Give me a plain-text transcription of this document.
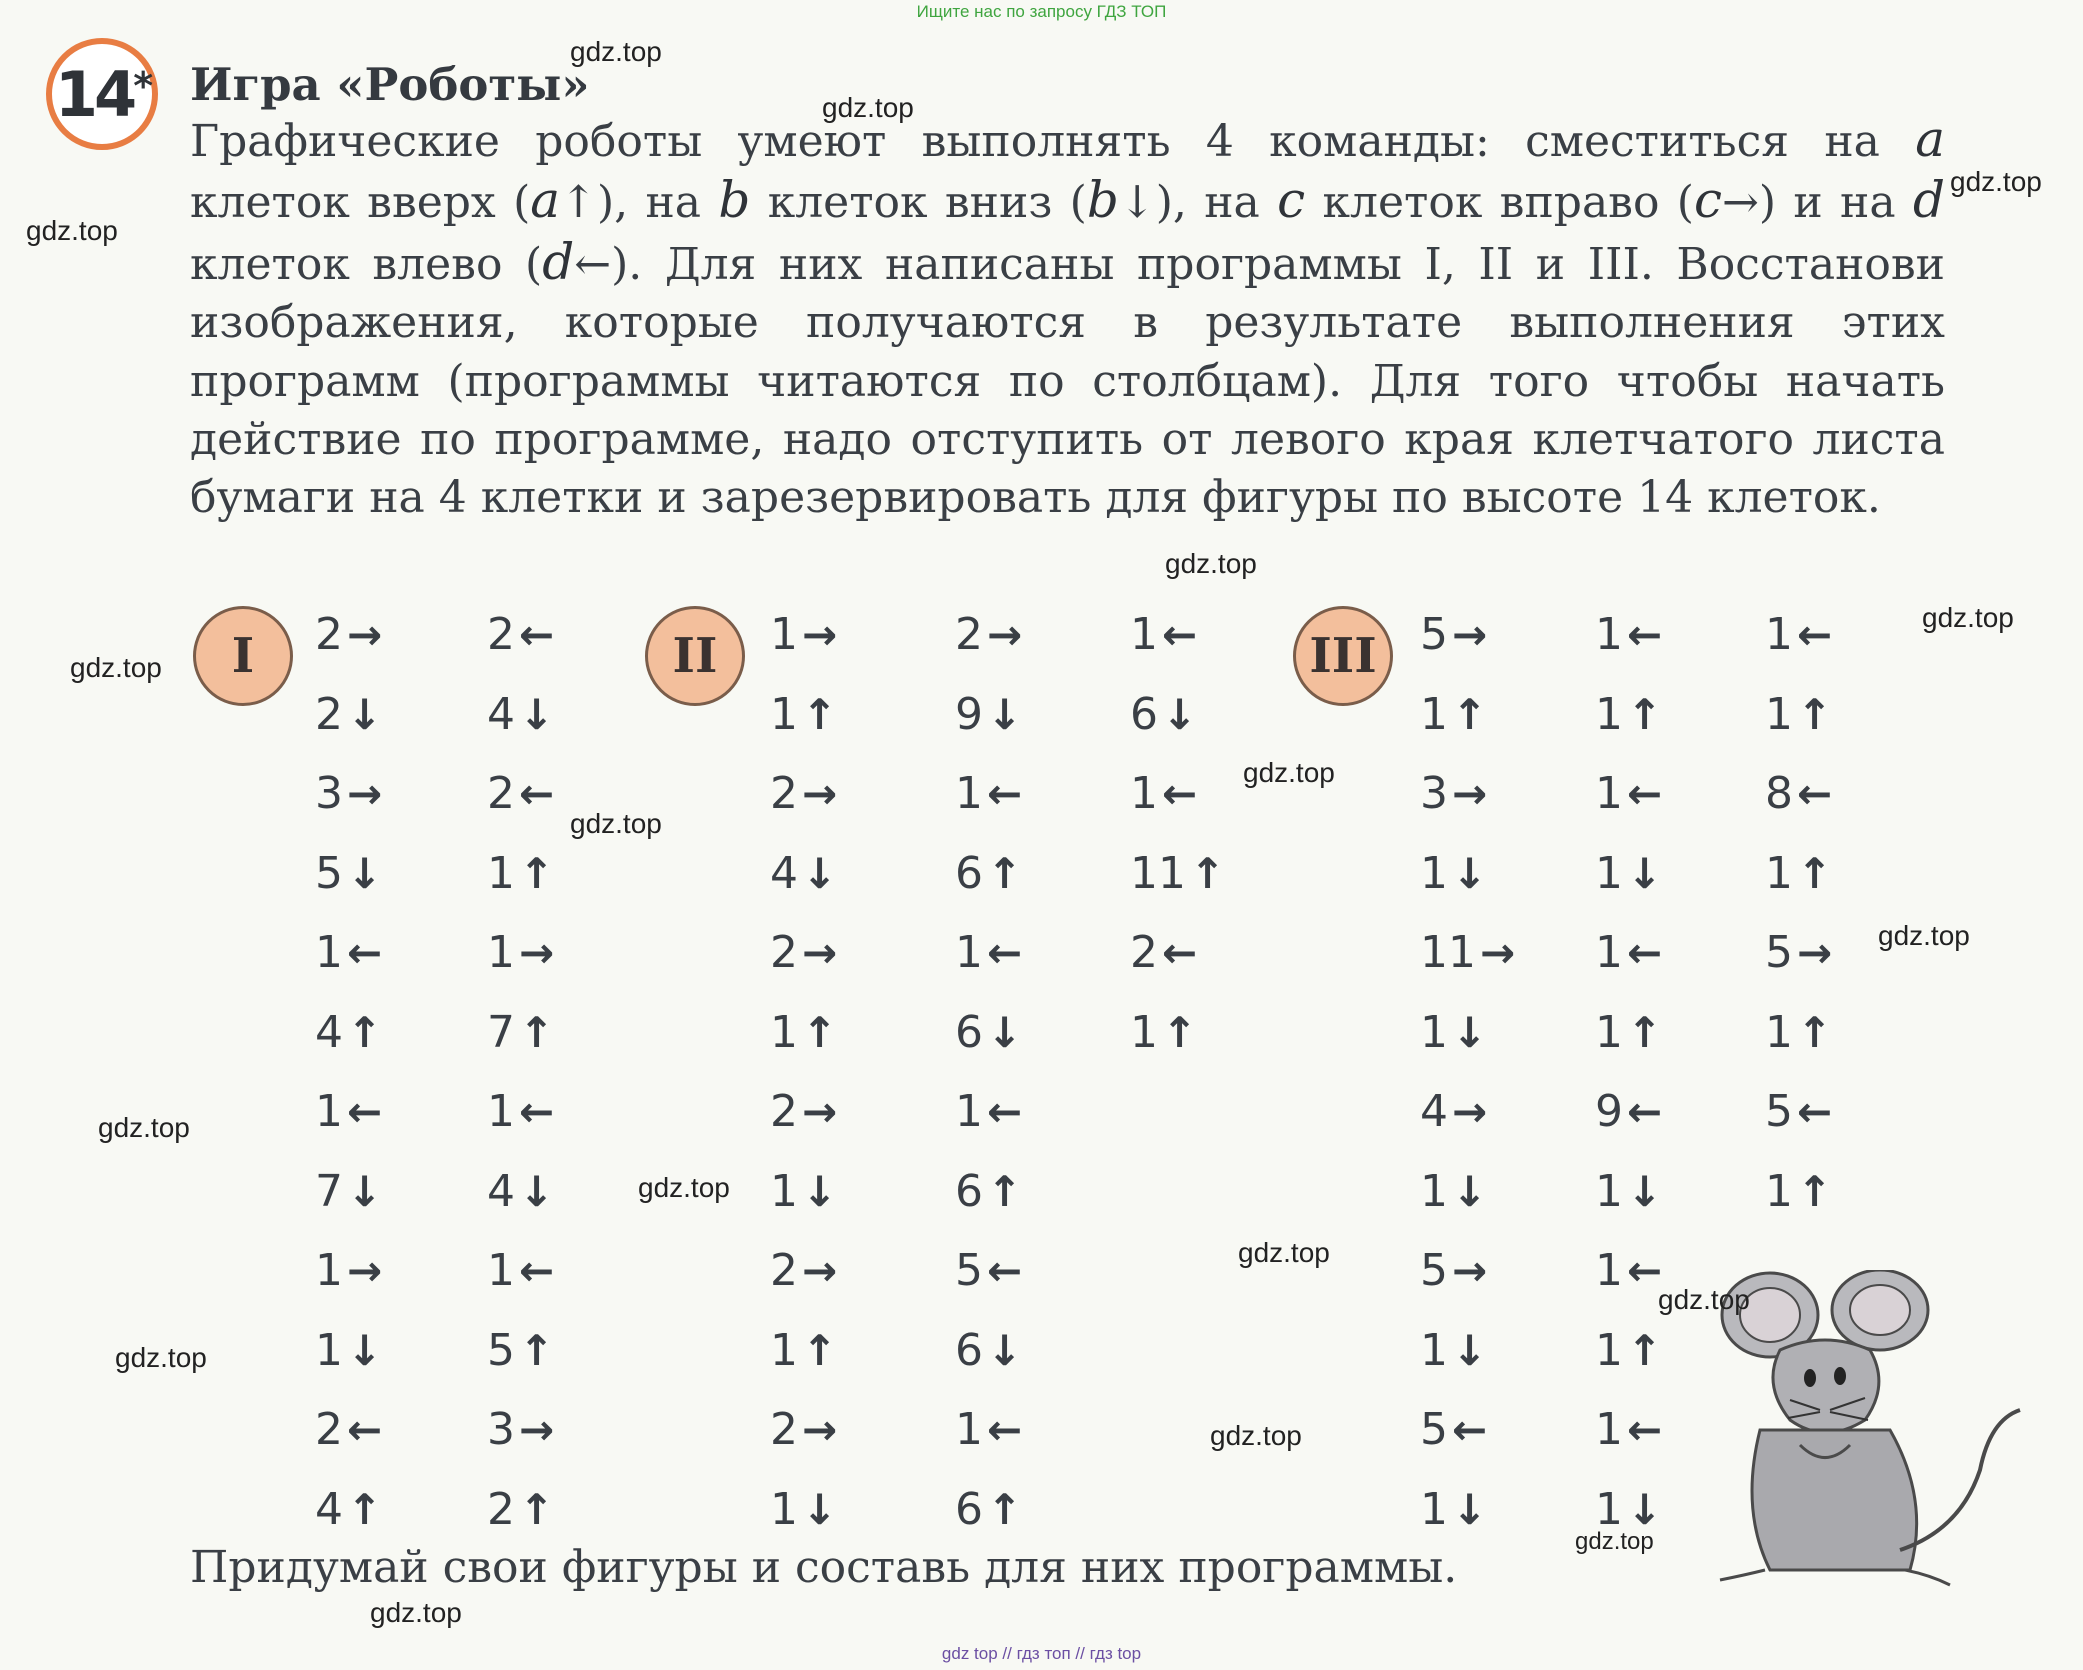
Ищите нас по запросу ГДЗ ТОП
14* Игра «Роботы»
Графические роботы умеют выполнять 4 команды: сместиться на a клеток вверх (a↑), на b клеток вниз (b↓), на c клеток вправо (c→) и на d клеток влево (d←). Для них написаны программы I, II и III. Восстанови изображения, которые получаются в результате выполнения этих программ (программы читаются по столбцам). Для того чтобы начать действие по программе, надо отступить от левого края клетчатого листа бумаги на 4 клетки и зарезервировать для фигуры по высоте 14 клеток.
I	II	III
2→
2↓
3→
5↓
1←
4↑
1←
7↓
1→
1↓
2←
4↑
2←
4↓
2←
1↑
1→
7↑
1←
4↓
1←
5↑
3→
2↑
1→
1↑
2→
4↓
2→
1↑
2→
1↓
2→
1↑
2→
1↓
2→
9↓
1←
6↑
1←
6↓
1←
6↑
5←
6↓
1←
6↑
1←
6↓
1←
11↑
2←
1↑
5→
1↑
3→
1↓
11→
1↓
4→
1↓
5→
1↓
5←
1↓
1←
1↑
1←
1↓
1←
1↑
9←
1↓
1←
1↑
1←
1↓
1←
1↑
8←
1↑
5→
1↑
5←
1↑
Придумай свои фигуры и составь для них программы.
gdz top // гдз топ // гдз top
gdz.top
gdz.top
gdz.top
gdz.top
gdz.top
gdz.top
gdz.top
gdz.top
gdz.top
gdz.top
gdz.top
gdz.top
gdz.top
gdz.top
gdz.top
gdz.top
gdz.top
gdz.top
